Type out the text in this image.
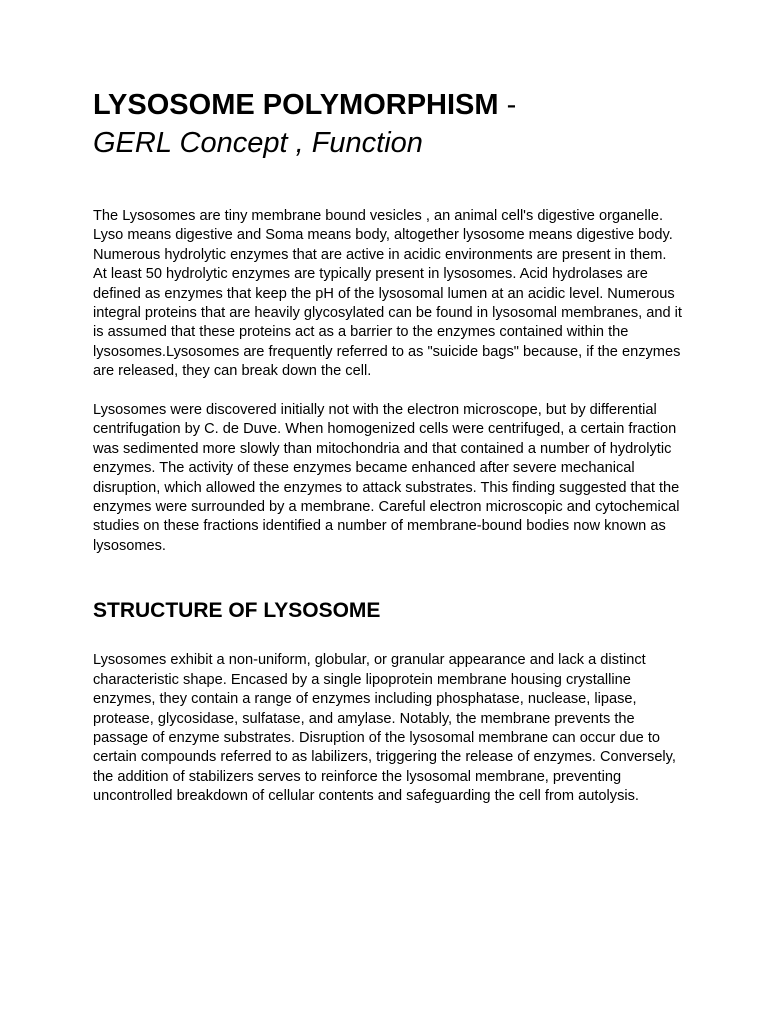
LYSOSOME POLYMORPHISM -

GERL Concept , Function

The Lysosomes are tiny membrane bound vesicles , an animal cell's digestive organelle. Lyso means digestive and Soma means body, altogether lysosome means digestive body. Numerous hydrolytic enzymes that are active in acidic environments are present in them. At least 50 hydrolytic enzymes are typically present in lysosomes. Acid hydrolases are defined as enzymes that keep the pH of the lysosomal lumen at an acidic level. Numerous integral proteins that are heavily glycosylated can be found in lysosomal membranes, and it is assumed that these proteins act as a barrier to the enzymes contained within the lysosomes.Lysosomes are frequently referred to as "suicide bags" because, if the enzymes are released, they can break down the cell.

Lysosomes were discovered initially not with the electron microscope, but by differential centrifugation by C. de Duve. When homogenized cells were centrifuged, a certain fraction was sedimented more slowly than mitochondria and that contained a number of hydrolytic enzymes. The activity of these enzymes became enhanced after severe mechanical disruption, which allowed the enzymes to attack substrates. This finding suggested that the enzymes were surrounded by a membrane. Careful electron microscopic and cytochemical studies on these fractions identified a number of membrane-bound bodies now known as lysosomes.

STRUCTURE OF LYSOSOME

Lysosomes exhibit a non-uniform, globular, or granular appearance and lack a distinct characteristic shape. Encased by a single lipoprotein membrane housing crystalline enzymes, they contain a range of enzymes including phosphatase, nuclease, lipase, protease, glycosidase, sulfatase, and amylase. Notably, the membrane prevents the passage of enzyme substrates. Disruption of the lysosomal membrane can occur due to certain compounds referred to as labilizers, triggering the release of enzymes. Conversely, the addition of stabilizers serves to reinforce the lysosomal membrane, preventing uncontrolled breakdown of cellular contents and safeguarding the cell from autolysis.
